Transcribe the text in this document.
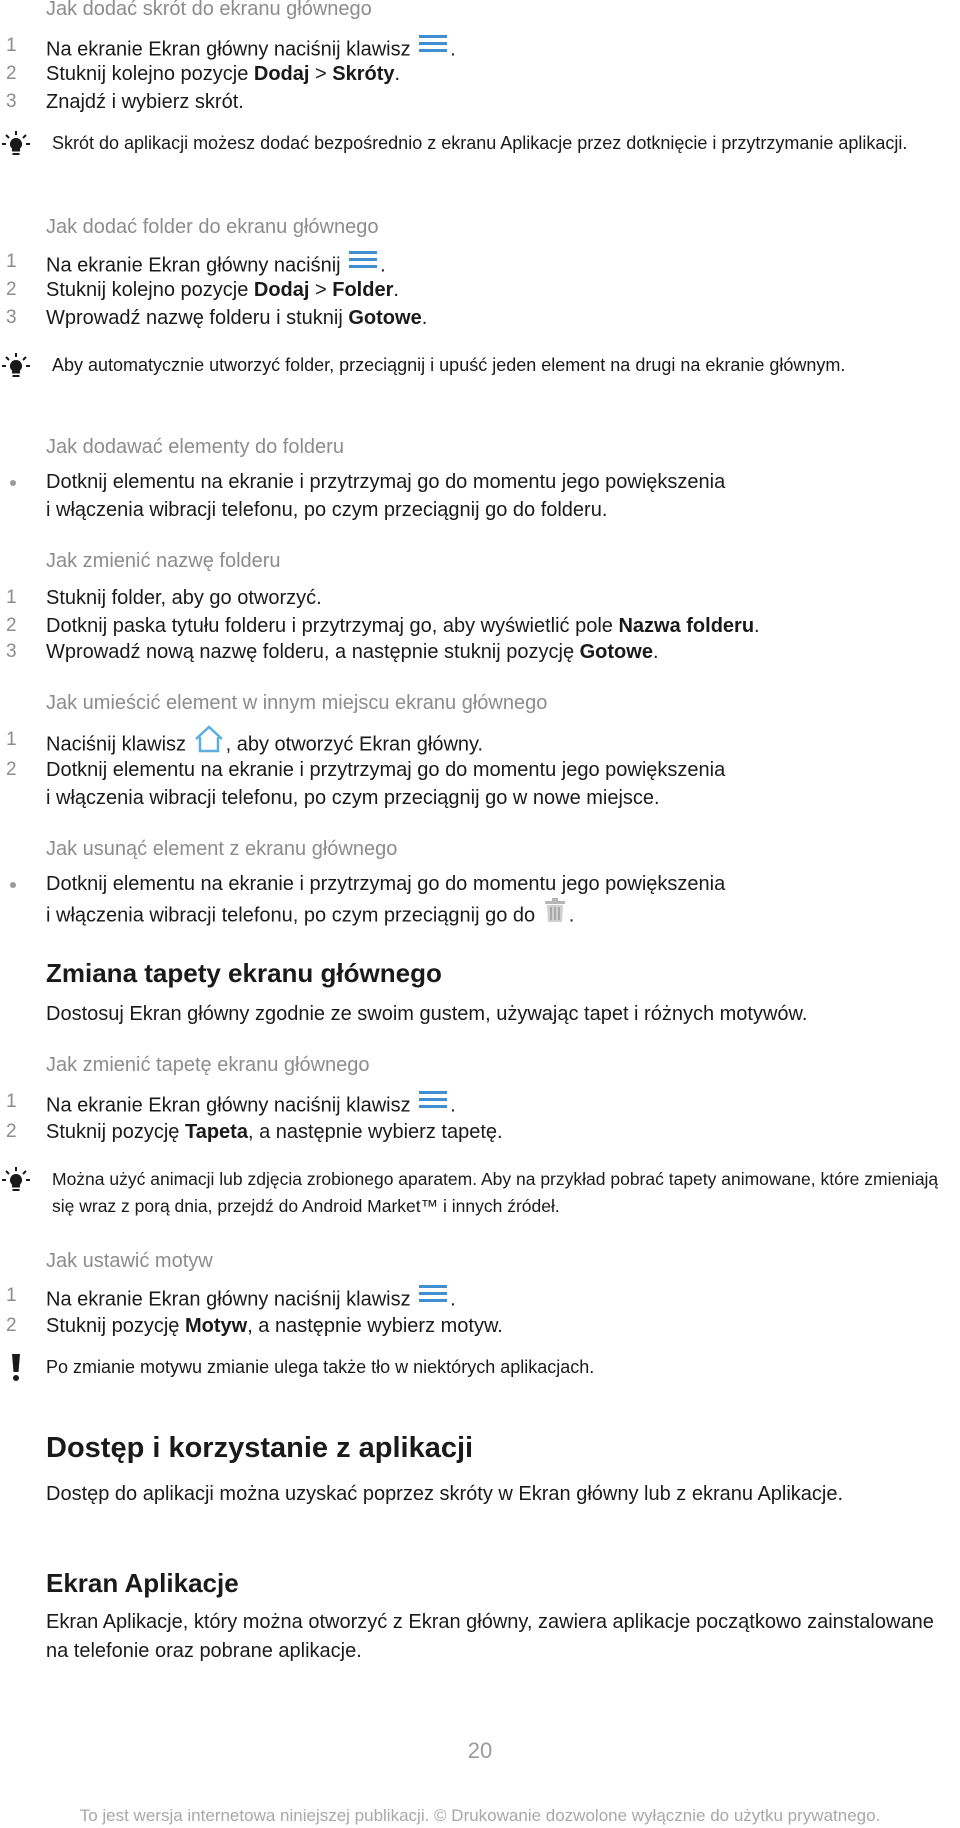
Jak dodać skrót do ekranu głównego
1	Na ekranie Ekran główny naciśnij klawisz .
2	Stuknij kolejno pozycje Dodaj > Skróty.
3	Znajdź i wybierz skrót.
Skrót do aplikacji możesz dodać bezpośrednio z ekranu Aplikacje przez dotknięcie i przytrzymanie aplikacji.
Jak dodać folder do ekranu głównego
1	Na ekranie Ekran główny naciśnij .
2	Stuknij kolejno pozycje Dodaj > Folder.
3	Wprowadź nazwę folderu i stuknij Gotowe.
Aby automatycznie utworzyć folder, przeciągnij i upuść jeden element na drugi na ekranie głównym.
Jak dodawać elementy do folderu
Dotknij elementu na ekranie i przytrzymaj go do momentu jego powiększenia
i włączenia wibracji telefonu, po czym przeciągnij go do folderu.
Jak zmienić nazwę folderu
1	Stuknij folder, aby go otworzyć.
2	Dotknij paska tytułu folderu i przytrzymaj go, aby wyświetlić pole Nazwa folderu.
3	Wprowadź nową nazwę folderu, a następnie stuknij pozycję Gotowe.
Jak umieścić element w innym miejscu ekranu głównego
1	Naciśnij klawisz , aby otworzyć Ekran główny.
2	Dotknij elementu na ekranie i przytrzymaj go do momentu jego powiększenia
i włączenia wibracji telefonu, po czym przeciągnij go w nowe miejsce.
Jak usunąć element z ekranu głównego
Dotknij elementu na ekranie i przytrzymaj go do momentu jego powiększenia
i włączenia wibracji telefonu, po czym przeciągnij go do .
Zmiana tapety ekranu głównego
Dostosuj Ekran główny zgodnie ze swoim gustem, używając tapet i różnych motywów.
Jak zmienić tapetę ekranu głównego
1	Na ekranie Ekran główny naciśnij klawisz .
2	Stuknij pozycję Tapeta, a następnie wybierz tapetę.
Można użyć animacji lub zdjęcia zrobionego aparatem. Aby na przykład pobrać tapety animowane, które zmieniają się wraz z porą dnia, przejdź do Android Market™ i innych źródeł.
Jak ustawić motyw
1	Na ekranie Ekran główny naciśnij klawisz .
2	Stuknij pozycję Motyw, a następnie wybierz motyw.
Po zmianie motywu zmianie ulega także tło w niektórych aplikacjach.
Dostęp i korzystanie z aplikacji
Dostęp do aplikacji można uzyskać poprzez skróty w Ekran główny lub z ekranu Aplikacje.
Ekran Aplikacje
Ekran Aplikacje, który można otworzyć z Ekran główny, zawiera aplikacje początkowo zainstalowane na telefonie oraz pobrane aplikacje.
20
To jest wersja internetowa niniejszej publikacji. © Drukowanie dozwolone wyłącznie do użytku prywatnego.
